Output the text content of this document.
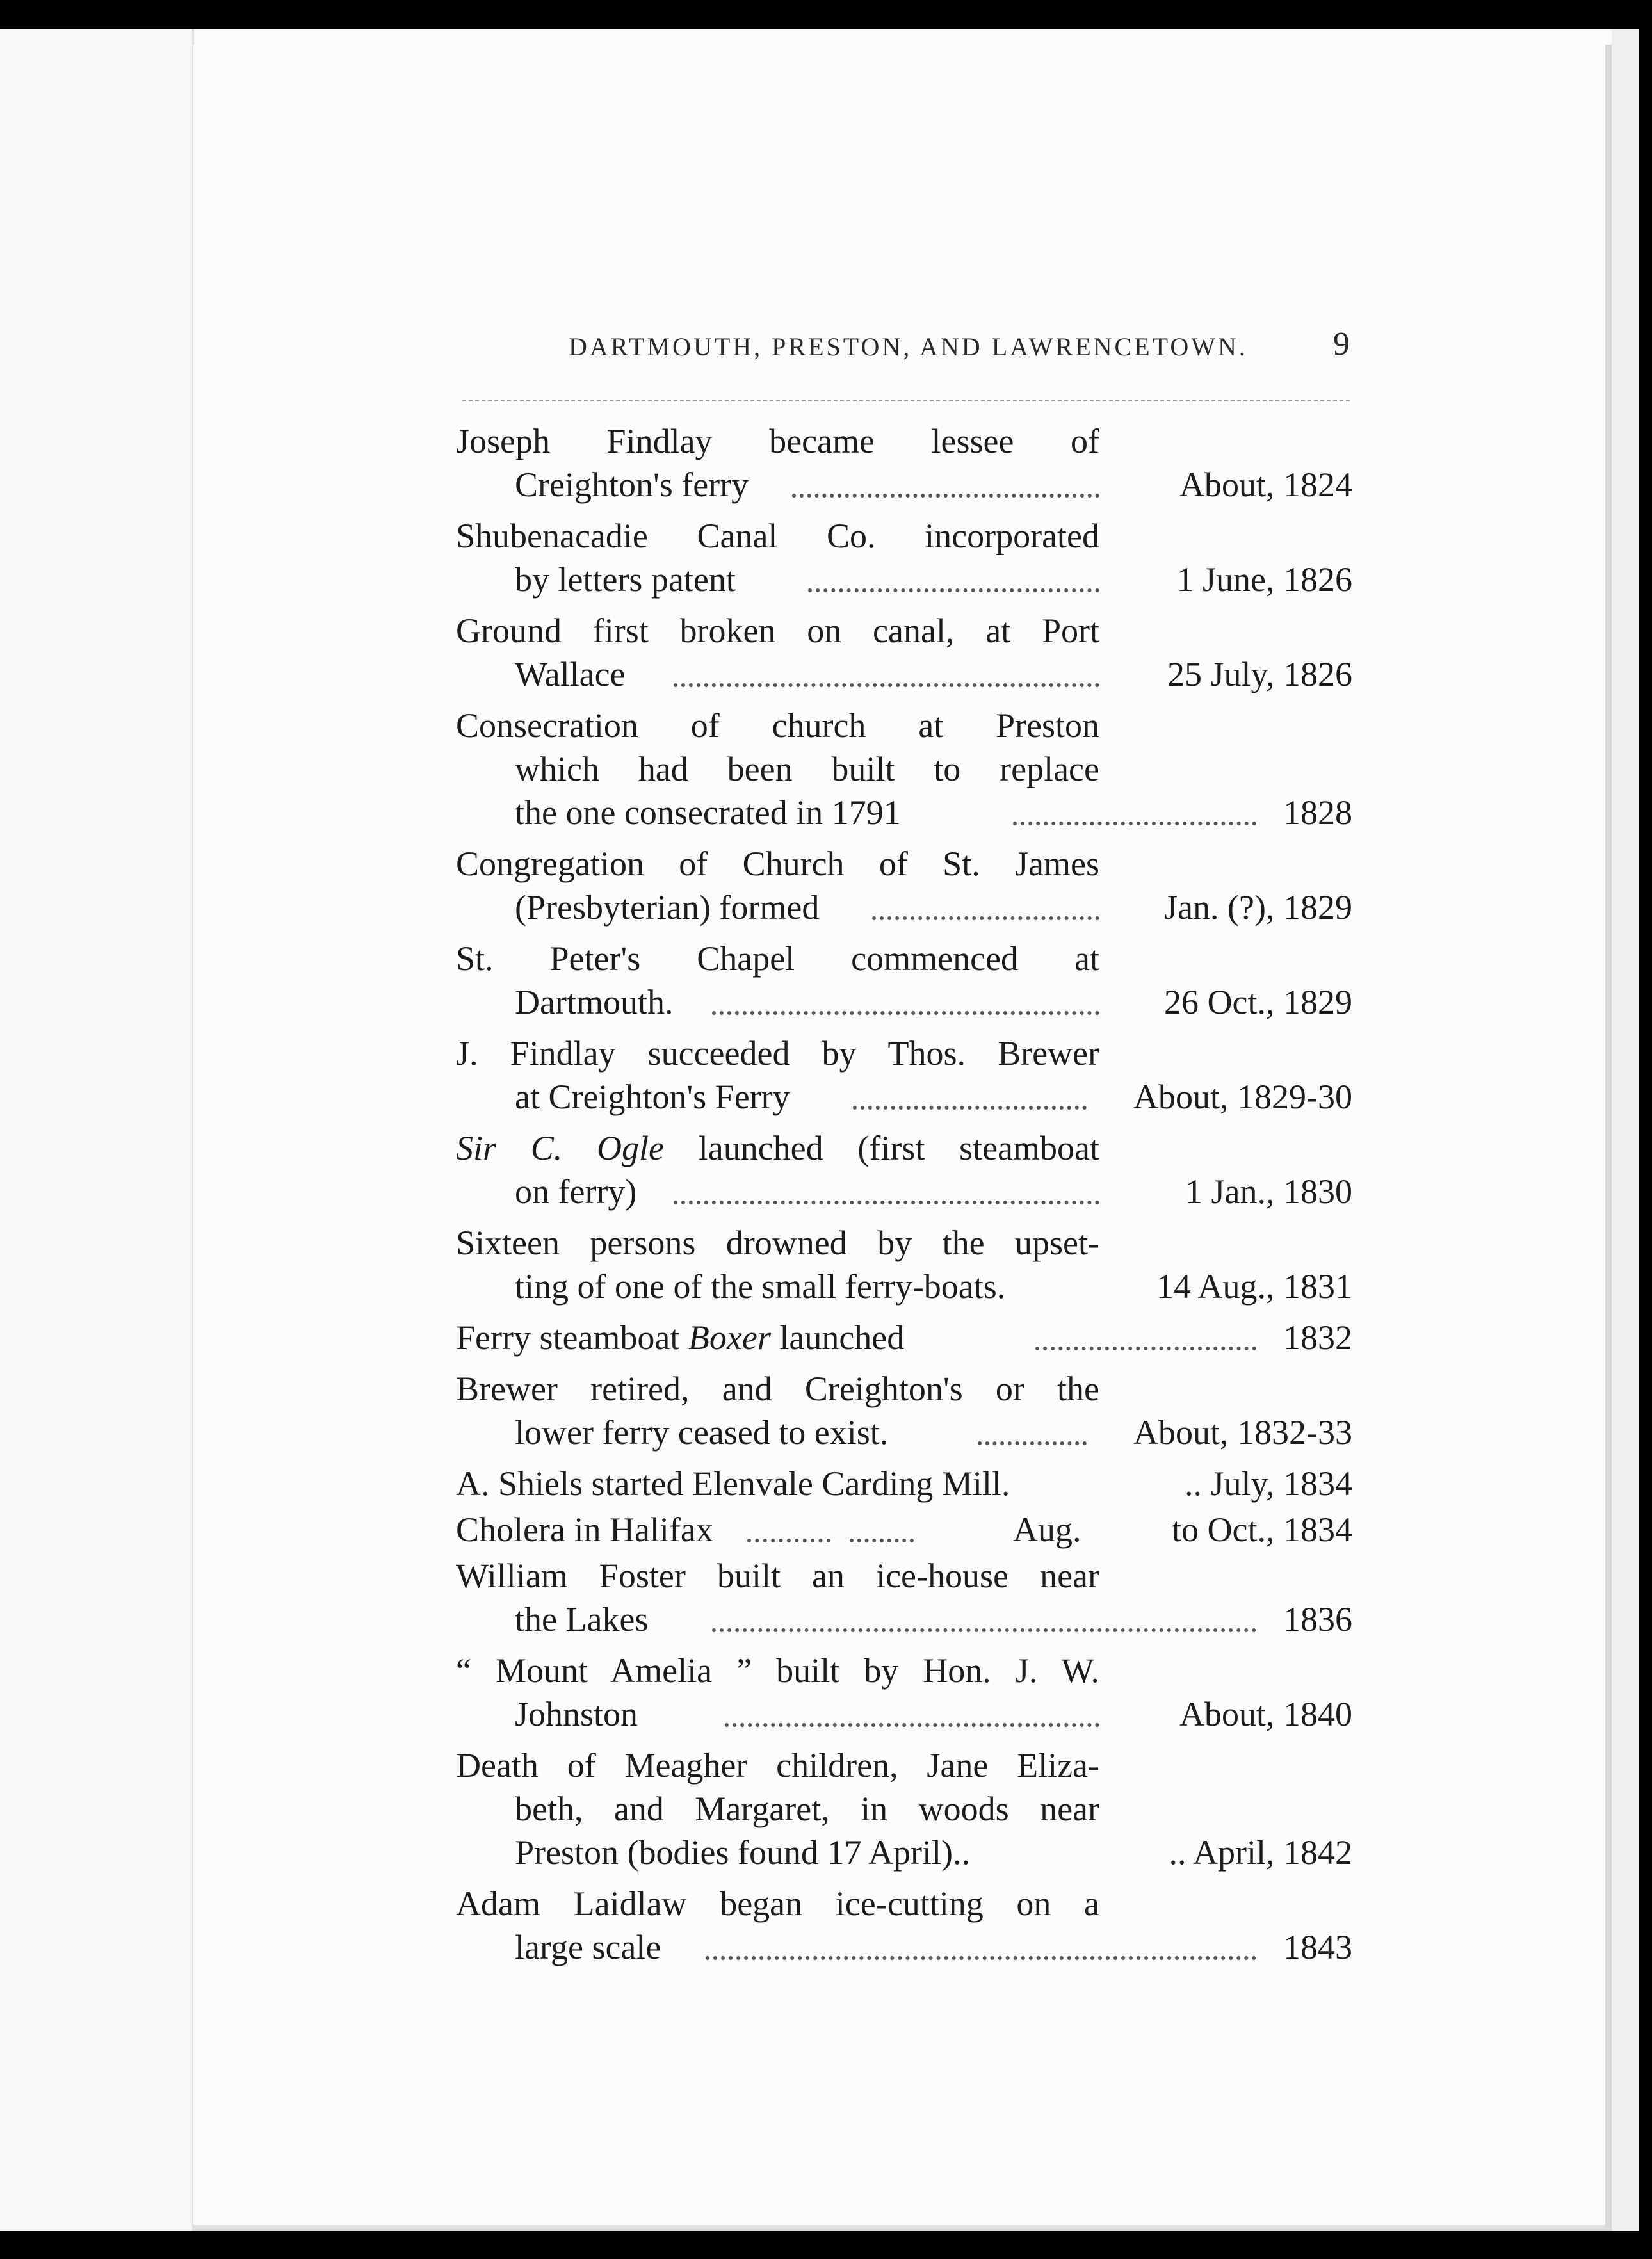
DARTMOUTH, PRESTON, AND LAWRENCETOWN.	9
Joseph Findlay became lessee of
Creighton's ferry	About, 1824
Shubenacadie Canal Co. incorporated
by letters patent	1 June, 1826
Ground first broken on canal, at Port
Wallace	25 July, 1826
Consecration of church at Preston
which had been built to replace
the one consecrated in 1791	1828
Congregation of Church of St. James
(Presbyterian) formed	Jan. (?), 1829
St. Peter's Chapel commenced at
Dartmouth.	26 Oct., 1829
J. Findlay succeeded by Thos. Brewer
at Creighton's Ferry	About, 1829-30
Sir C. Ogle launched (first steamboat
on ferry)	1 Jan., 1830
Sixteen persons drowned by the upset-
ting of one of the small ferry-boats.	14 Aug., 1831
Ferry steamboat Boxer launched	1832
Brewer retired, and Creighton's or the
lower ferry ceased to exist.	About, 1832-33
A. Shiels started Elenvale Carding Mill.	.. July, 1834
Cholera in Halifax	Aug.	to Oct., 1834
William Foster built an ice-house near
the Lakes	1836
“ Mount Amelia ” built by Hon. J. W.
Johnston	About, 1840
Death of Meagher children, Jane Eliza-
beth, and Margaret, in woods near
Preston (bodies found 17 April)..	.. April, 1842
Adam Laidlaw began ice-cutting on a
large scale	1843
